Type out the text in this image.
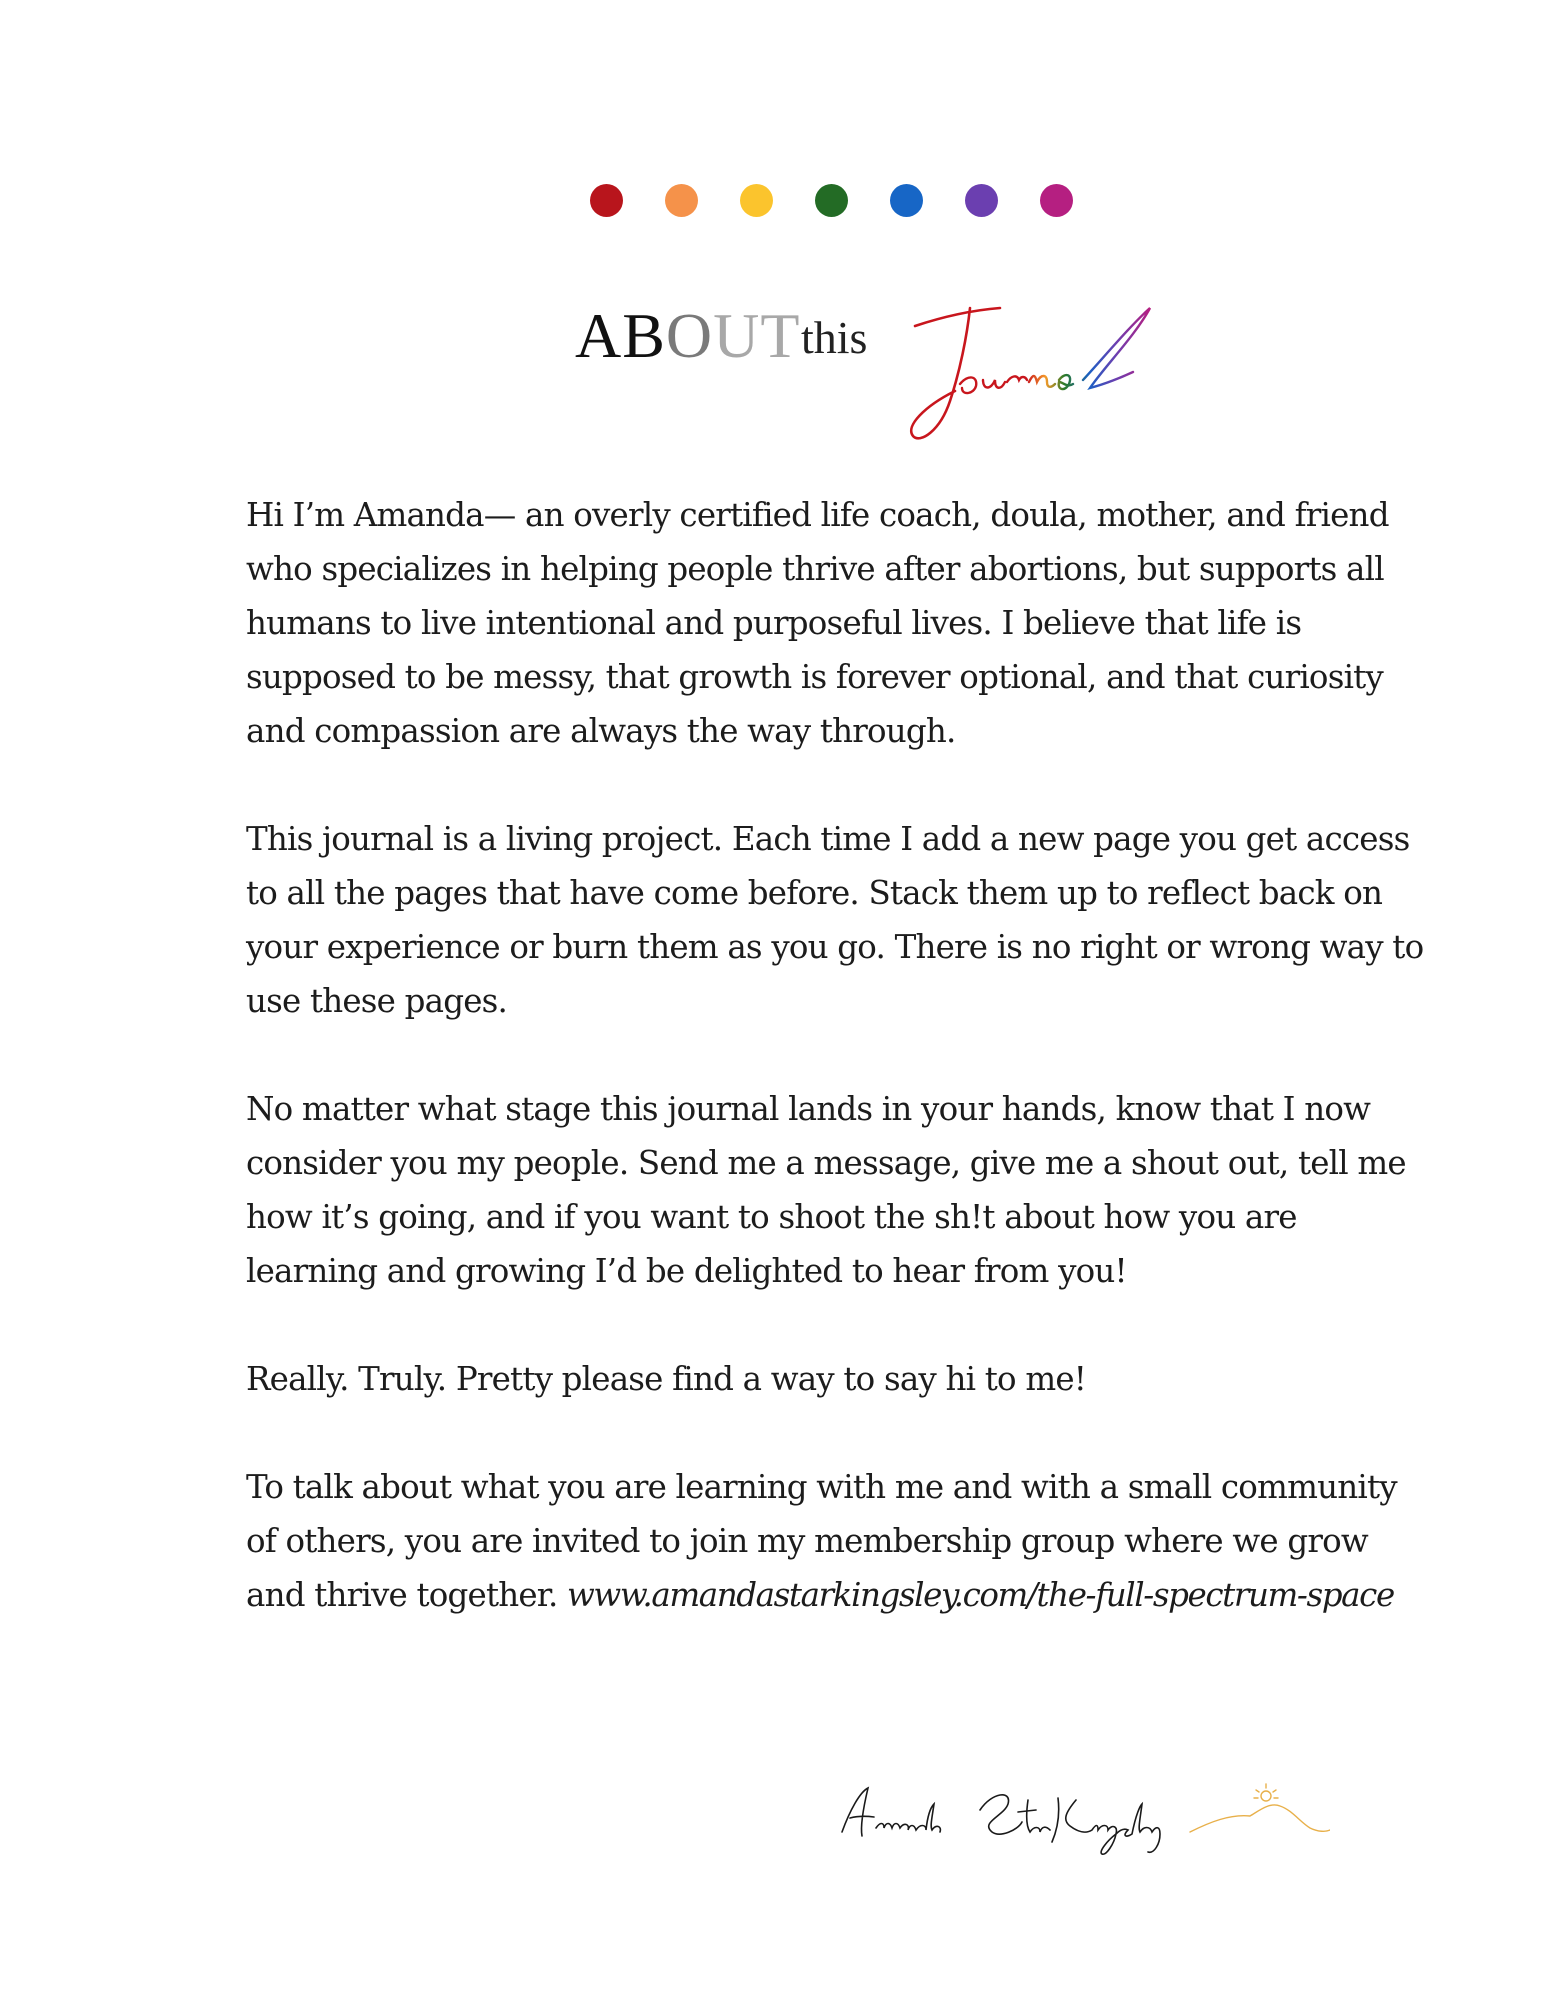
ABOUT this
Journal

Hi I’m Amanda— an overly certified life coach, doula, mother, and friend
who specializes in helping people thrive after abortions, but supports all
humans to live intentional and purposeful lives. I believe that life is
supposed to be messy, that growth is forever optional, and that curiosity
and compassion are always the way through.

This journal is a living project. Each time I add a new page you get access
to all the pages that have come before. Stack them up to reflect back on
your experience or burn them as you go. There is no right or wrong way to
use these pages.

No matter what stage this journal lands in your hands, know that I now
consider you my people. Send me a message, give me a shout out, tell me
how it’s going, and if you want to shoot the sh!t about how you are
learning and growing I’d be delighted to hear from you!

Really. Truly. Pretty please find a way to say hi to me!

To talk about what you are learning with me and with a small community
of others, you are invited to join my membership group where we grow
and thrive together. www.amandastarkingsley.com/the-full-spectrum-space

Amanda Star Kingsley
